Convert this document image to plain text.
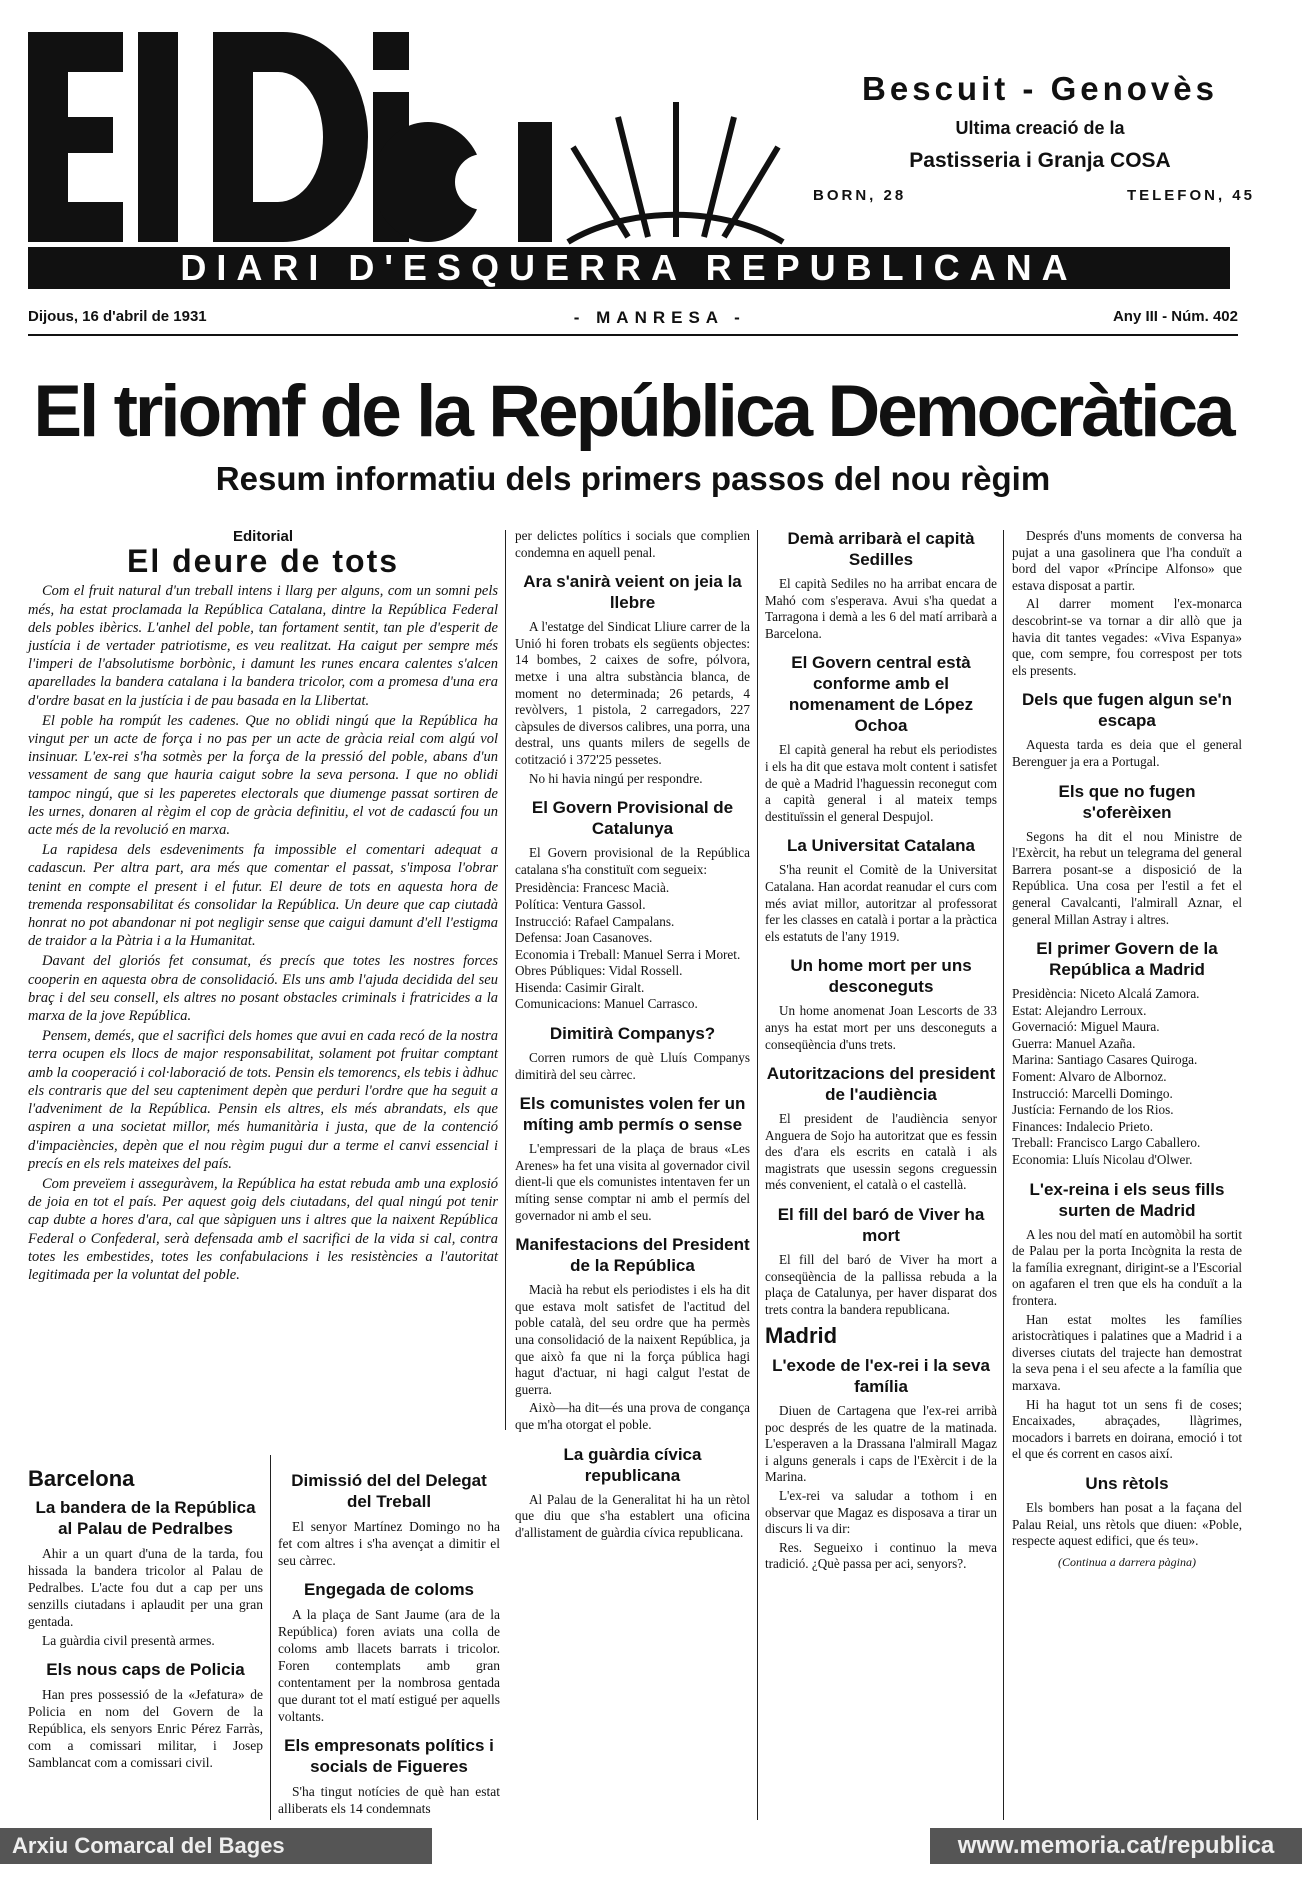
Bescuit - Genovès
Ultima creació de la
Pastisseria i Granja COSA
BORN, 28	TELEFON, 45
DIARI D'ESQUERRA REPUBLICANA
Dijous, 16 d'abril de 1931	- MANRESA -	Any III - Núm. 402
El triomf de la República Democràtica
Resum informatiu dels primers passos del nou règim
Editorial
El deure de tots

Com el fruit natural d'un treball intens i llarg per alguns, com un somni pels més, ha estat proclamada la República Catalana, dintre la República Federal dels pobles ibèrics. L'anhel del poble, tan fortament sentit, tan ple d'esperit de justícia i de vertader patriotisme, es veu realitzat. Ha caigut per sempre més l'imperi de l'absolutisme borbònic, i damunt les runes encara calentes s'alcen aparellades la bandera catalana i la bandera tricolor, com a promesa d'una era d'ordre basat en la justícia i de pau basada en la Llibertat.

El poble ha rompút les cadenes. Que no oblidi ningú que la República ha vingut per un acte de força i no pas per un acte de gràcia reial com algú vol insinuar. L'ex-rei s'ha sotmès per la força de la pressió del poble, abans d'un vessament de sang que hauria caigut sobre la seva persona. I que no oblidi tampoc ningú, que si les paperetes electorals que diumenge passat sortiren de les urnes, donaren al règim el cop de gràcia definitiu, el vot de cadascú fou un acte més de la revolució en marxa.

La rapidesa dels esdeveniments fa impossible el comentari adequat a cadascun. Per altra part, ara més que comentar el passat, s'imposa l'obrar tenint en compte el present i el futur. El deure de tots en aquesta hora de tremenda responsabilitat és consolidar la República. Un deure que cap ciutadà honrat no pot abandonar ni pot negligir sense que caigui damunt d'ell l'estigma de traidor a la Pàtria i a la Humanitat.

Davant del gloriós fet consumat, és precís que totes les nostres forces cooperin en aquesta obra de consolidació. Els uns amb l'ajuda decidida del seu braç i del seu consell, els altres no posant obstacles criminals i fratricides a la marxa de la jove República.

Pensem, demés, que el sacrifici dels homes que avui en cada recó de la nostra terra ocupen els llocs de major responsabilitat, solament pot fruitar comptant amb la cooperació i col·laboració de tots. Pensin els temorencs, els tebis i àdhuc els contraris que del seu capteniment depèn que perduri l'ordre que ha seguit a l'adveniment de la República. Pensin els altres, els més abrandats, els que aspiren a una societat millor, més humanitària i justa, que de la contenció d'impaciències, depèn que el nou règim pugui dur a terme el canvi essencial i precís en els rels mateixes del país.

Com preveïem i asseguràvem, la República ha estat rebuda amb una explosió de joia en tot el país. Per aquest goig dels ciutadans, del qual ningú pot tenir cap dubte a hores d'ara, cal que sàpiguen uns i altres que la naixent República Federal o Confederal, serà defensada amb el sacrifici de la vida si cal, contra totes les embestides, totes les confabulacions i les resistències a l'autoritat legitimada per la voluntat del poble.

Barcelona
La bandera de la República al Palau de Pedralbes

Ahir a un quart d'una de la tarda, fou hissada la bandera tricolor al Palau de Pedralbes. L'acte fou dut a cap per uns senzills ciutadans i aplaudit per una gran gentada.

La guàrdia civil presentà armes.

Els nous caps de Policia

Han pres possessió de la «Jefatura» de Policia en nom del Govern de la República, els senyors Enric Pérez Farràs, com a comissari militar, i Josep Samblancat com a comissari civil.

Dimissió del del Delegat del Treball

El senyor Martínez Domingo no ha fet com altres i s'ha avençat a dimitir el seu càrrec.

Engegada de coloms

A la plaça de Sant Jaume (ara de la República) foren aviats una colla de coloms amb llacets barrats i tricolor. Foren contemplats amb gran contentament per la nombrosa gentada que durant tot el matí estigué per aquells voltants.

Els empresonats polítics i socials de Figueres

S'ha tingut notícies de què han estat alliberats els 14 condemnats

per delictes polítics i socials que complien condemna en aquell penal.

Ara s'anirà veient on jeia la llebre

A l'estatge del Sindicat Lliure carrer de la Unió hi foren trobats els següents objectes: 14 bombes, 2 caixes de sofre, pólvora, metxe i una altra substància blanca, de moment no determinada; 26 petards, 4 revòlvers, 1 pistola, 2 carregadors, 227 càpsules de diversos calibres, una porra, una destral, uns quants milers de segells de cotització i 372'25 pessetes.

No hi havia ningú per respondre.

El Govern Provisional de Catalunya

El Govern provisional de la República catalana s'ha constituït com segueix:

Presidència: Francesc Macià.
Política: Ventura Gassol.
Instrucció: Rafael Campalans.
Defensa: Joan Casanoves.
Economia i Treball: Manuel Serra i Moret.
Obres Públiques: Vidal Rossell.
Hisenda: Casimir Giralt.
Comunicacions: Manuel Carrasco.
Dimitirà Companys?

Corren rumors de què Lluís Companys dimitirà del seu càrrec.

Els comunistes volen fer un míting amb permís o sense

L'empressari de la plaça de braus «Les Arenes» ha fet una visita al governador civil dient-li que els comunistes intentaven fer un míting sense comptar ni amb el permís del governador ni amb el seu.

Manifestacions del President de la República

Macià ha rebut els periodistes i els ha dit que estava molt satisfet de l'actitud del poble català, del seu ordre que ha permès una consolidació de la naixent República, ja que això fa que ni la força pública hagi hagut d'actuar, ni hagi calgut l'estat de guerra.

Això—ha dit—és una prova de congança que m'ha otorgat el poble.

La guàrdia cívica republicana

Al Palau de la Generalitat hi ha un rètol que diu que s'ha establert una oficina d'allistament de guàrdia cívica republicana.

Demà arribarà el capità Sedilles

El capità Sediles no ha arribat encara de Mahó com s'esperava. Avui s'ha quedat a Tarragona i demà a les 6 del matí arribarà a Barcelona.

El Govern central està conforme amb el nomenament de López Ochoa

El capità general ha rebut els periodistes i els ha dit que estava molt content i satisfet de què a Madrid l'haguessin reconegut com a capità general i al mateix temps destituïssin el general Despujol.

La Universitat Catalana

S'ha reunit el Comitè de la Universitat Catalana. Han acordat reanudar el curs com més aviat millor, autoritzar al professorat fer les classes en català i portar a la pràctica els estatuts de l'any 1919.

Un home mort per uns desconeguts

Un home anomenat Joan Lescorts de 33 anys ha estat mort per uns desconeguts a conseqüència d'uns trets.

Autoritzacions del president de l'audiència

El president de l'audiència senyor Anguera de Sojo ha autoritzat que es fessin des d'ara els escrits en català i als magistrats que usessin segons creguessin més convenient, el català o el castellà.

El fill del baró de Viver ha mort

El fill del baró de Viver ha mort a conseqüència de la pallissa rebuda a la plaça de Catalunya, per haver disparat dos trets contra la bandera republicana.

Madrid
L'exode de l'ex-rei i la seva família

Diuen de Cartagena que l'ex-rei arribà poc després de les quatre de la matinada. L'esperaven a la Drassana l'almirall Magaz i alguns generals i caps de l'Exèrcit i de la Marina.

L'ex-rei va saludar a tothom i en observar que Magaz es disposava a tirar un discurs li va dir:

Res. Segueixo i continuo la meva tradició. ¿Què passa per aci, senyors?.

Després d'uns moments de conversa ha pujat a una gasolinera que l'ha conduït a bord del vapor «Príncipe Alfonso» que estava disposat a partir.

Al darrer moment l'ex-monarca descobrint-se va tornar a dir allò que ja havia dit tantes vegades: «Viva Espanya» que, com sempre, fou correspost per tots els presents.

Dels que fugen algun se'n escapa

Aquesta tarda es deia que el general Berenguer ja era a Portugal.

Els que no fugen s'oferèixen

Segons ha dit el nou Ministre de l'Exèrcit, ha rebut un telegrama del general Barrera posant-se a disposició de la República. Una cosa per l'estil a fet el general Cavalcanti, l'almirall Aznar, el general Millan Astray i altres.

El primer Govern de la República a Madrid
Presidència: Niceto Alcalá Zamora.
Estat: Alejandro Lerroux.
Governació: Miguel Maura.
Guerra: Manuel Azaña.
Marina: Santiago Casares Quiroga.
Foment: Alvaro de Albornoz.
Instrucció: Marcelli Domingo.
Justícia: Fernando de los Rios.
Finances: Indalecio Prieto.
Treball: Francisco Largo Caballero.
Economia: Lluís Nicolau d'Olwer.
L'ex-reina i els seus fills surten de Madrid

A les nou del matí en automòbil ha sortit de Palau per la porta Incògnita la resta de la família exregnant, dirigint-se a l'Escorial on agafaren el tren que els ha conduït a la frontera.

Han estat moltes les famílies aristocràtiques i palatines que a Madrid i a diverses ciutats del trajecte han demostrat la seva pena i el seu afecte a la família que marxava.

Hi ha hagut tot un sens fi de coses; Encaixades, abraçades, llàgrimes, mocadors i barrets en doirana, emoció i tot el que és corrent en casos així.

Uns rètols

Els bombers han posat a la façana del Palau Reial, uns rètols que diuen: «Poble, respecte aquest edifici, que és teu».

(Continua a darrera pàgina)
Arxiu Comarcal del Bages	www.memoria.cat/republica
